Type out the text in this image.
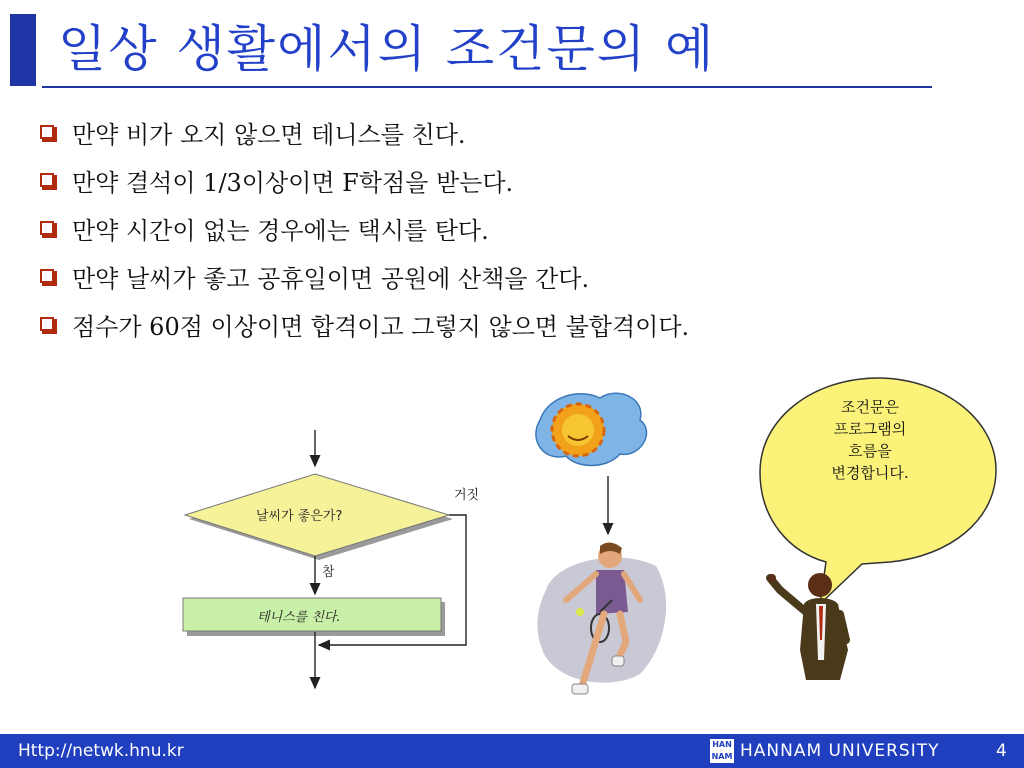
일상 생활에서의 조건문의 예
만약 비가 오지 않으면 테니스를 친다.
만약 결석이 1/3이상이면 F학점을 받는다.
만약 시간이 없는 경우에는 택시를 탄다.
만약 날씨가 좋고 공휴일이면 공원에 산책을 간다.
점수가 60점 이상이면 합격이고 그렇지 않으면 불합격이다.
날씨가 좋은가?
거짓
참
테니스를 친다.
조건문은
프로그램의
흐름을
변경합니다.
Http://netwk.hnu.kr	HAN NAM HANNAM UNIVERSITY	4
